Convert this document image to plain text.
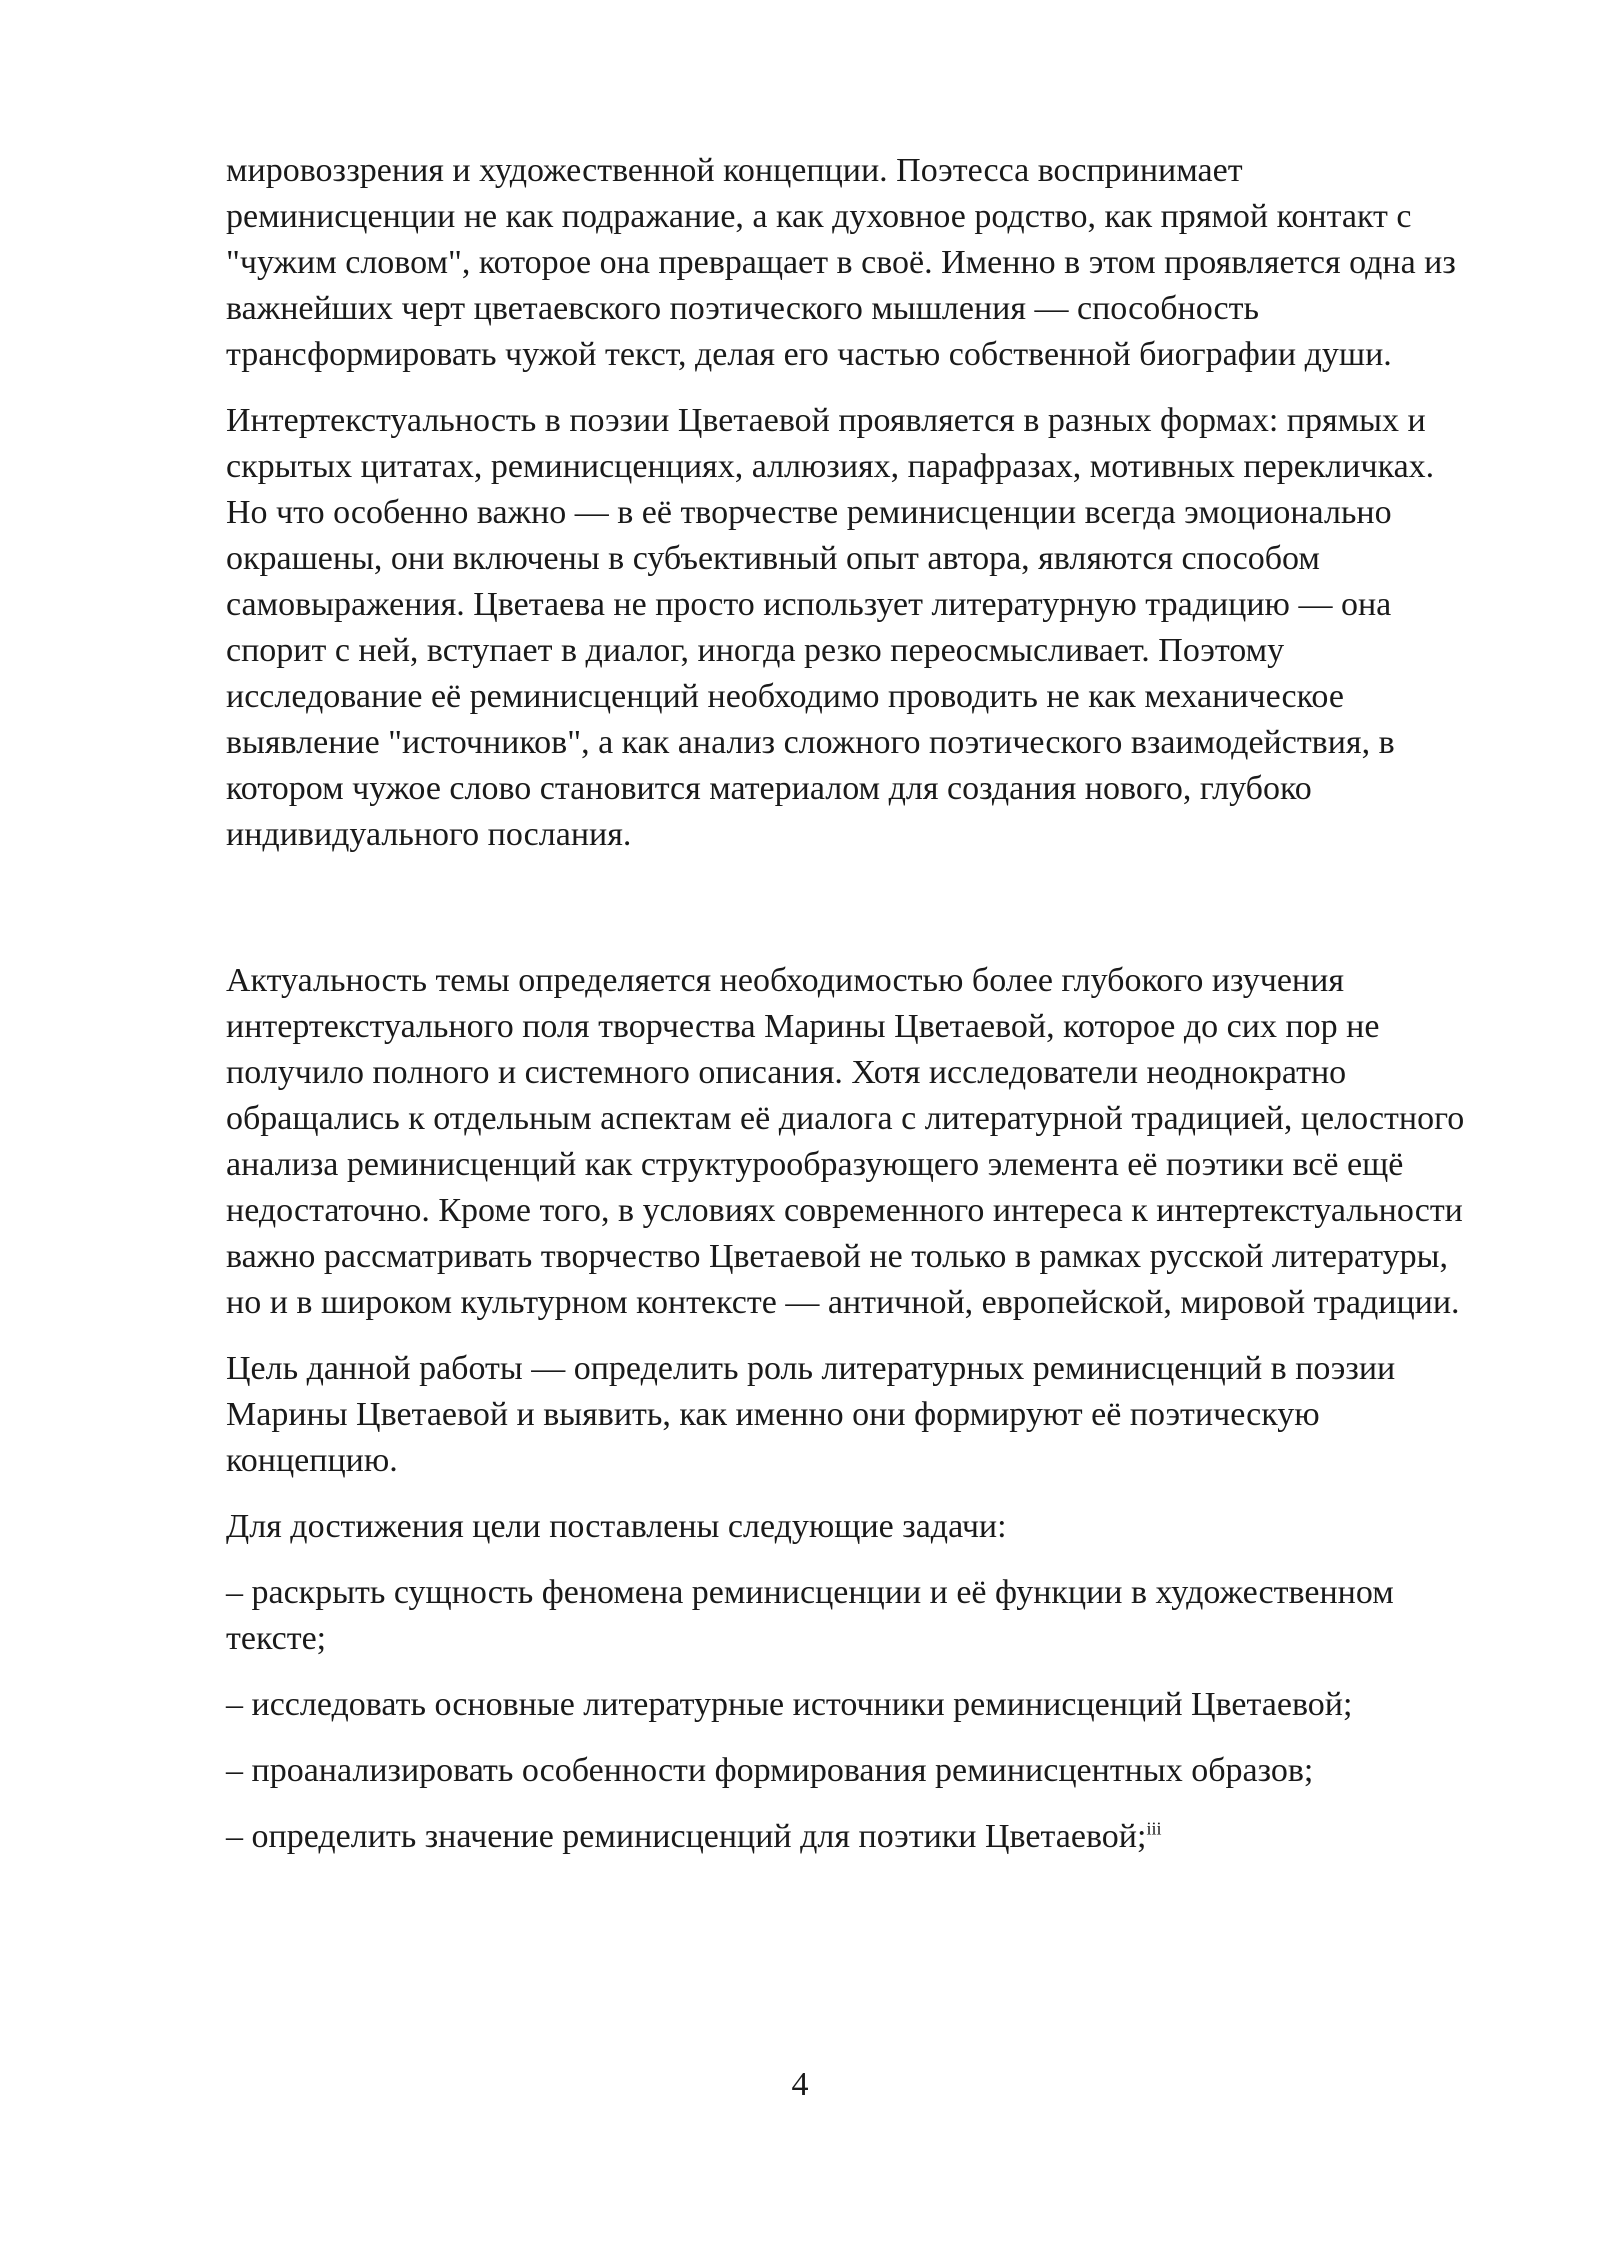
мировоззрения и художественной концепции. Поэтесса воспринимает реминисценции не как подражание, а как духовное родство, как прямой контакт с "чужим словом", которое она превращает в своё. Именно в этом проявляется одна из важнейших черт цветаевского поэтического мышления — способность трансформировать чужой текст, делая его частью собственной биографии души.

Интертекстуальность в поэзии Цветаевой проявляется в разных формах: прямых и скрытых цитатах, реминисценциях, аллюзиях, парафразах, мотивных перекличках. Но что особенно важно — в её творчестве реминисценции всегда эмоционально окрашены, они включены в субъективный опыт автора, являются способом самовыражения. Цветаева не просто использует литературную традицию — она спорит с ней, вступает в диалог, иногда резко переосмысливает. Поэтому исследование её реминисценций необходимо проводить не как механическое выявление "источников", а как анализ сложного поэтического взаимодействия, в котором чужое слово становится материалом для создания нового, глубоко индивидуального послания.

Актуальность темы определяется необходимостью более глубокого изучения интертекстуального поля творчества Марины Цветаевой, которое до сих пор не получило полного и системного описания. Хотя исследователи неоднократно обращались к отдельным аспектам её диалога с литературной традицией, целостного анализа реминисценций как структурообразующего элемента её поэтики всё ещё недостаточно. Кроме того, в условиях современного интереса к интертекстуальности важно рассматривать творчество Цветаевой не только в рамках русской литературы, но и в широком культурном контексте — античной, европейской, мировой традиции.

Цель данной работы — определить роль литературных реминисценций в поэзии Марины Цветаевой и выявить, как именно они формируют её поэтическую концепцию.

Для достижения цели поставлены следующие задачи:

– раскрыть сущность феномена реминисценции и её функции в художественном тексте;

– исследовать основные литературные источники реминисценций Цветаевой;

– проанализировать особенности формирования реминисцентных образов;

– определить значение реминисценций для поэтики Цветаевой;$^{iii}$

4
